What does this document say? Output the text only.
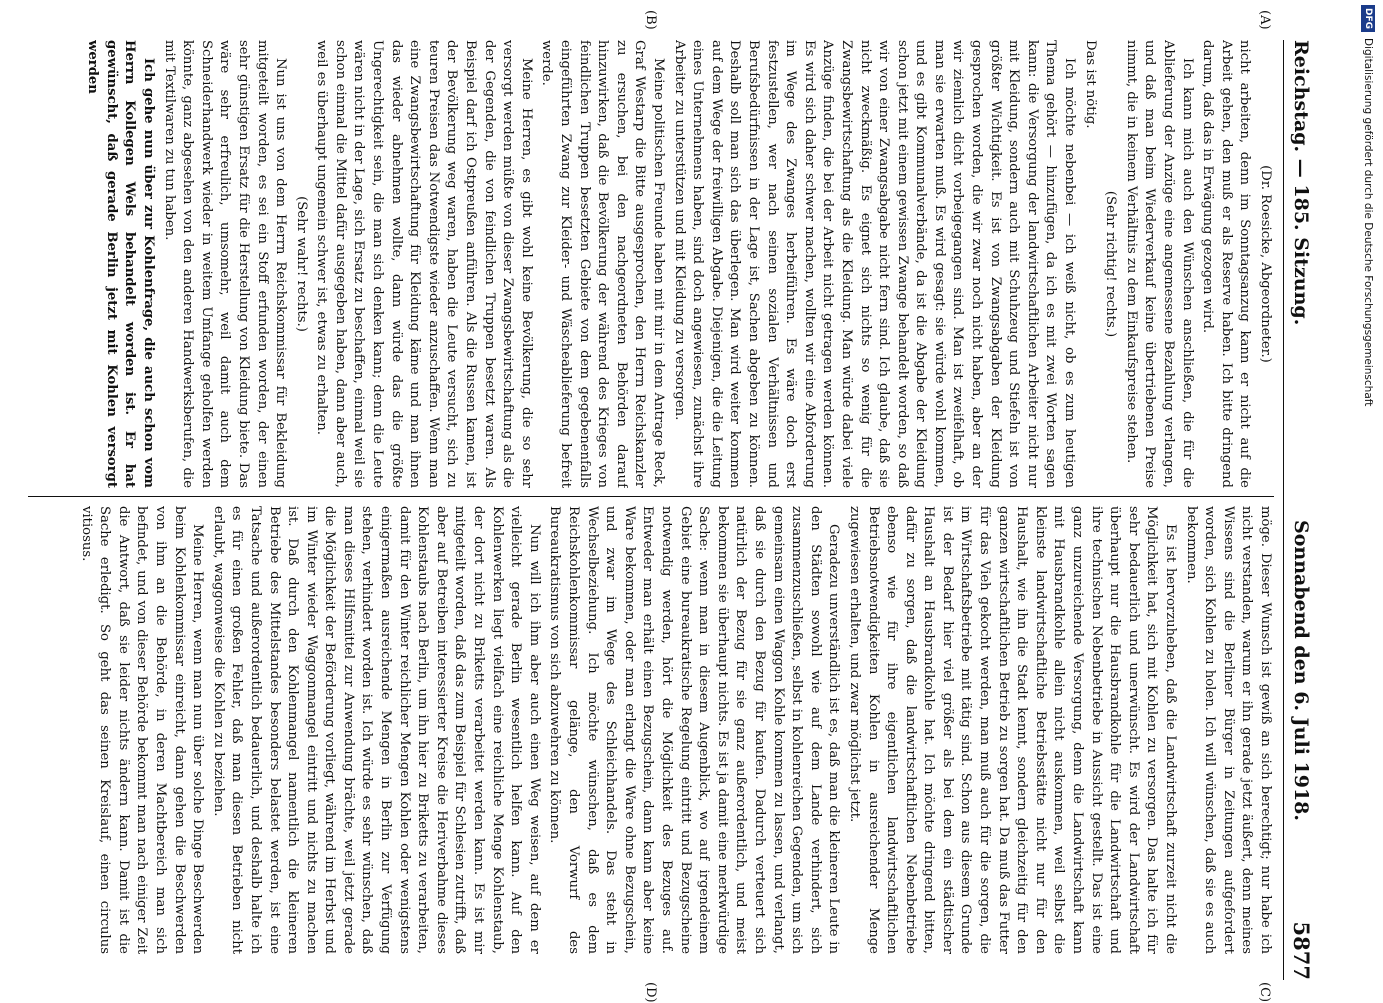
Reichstag. — 185. Sitzung.
Sonnabend den 6. Juli 1918.
5877
(A)
(B)
(C)
(D)

(Dr. Roesicke, Abgeordneter.)

nicht arbeiten, denn im Sonntagsanzug kann er nicht auf die Arbeit gehen, den muß er als Reserve haben. Ich bitte dringend darum, daß das in Erwägung gezogen wird.

Ich kann mich auch den Wünschen anschließen, die für die Ablieferung der Anzüge eine angemessene Bezahlung verlangen, und daß man beim Wiederverkauf keine übertriebenen Preise nimmt, die in keinem Verhältnis zu dem Einkaufspreise stehen.

(Sehr richtig! rechts.)

Das ist nötig.

Ich möchte nebenbei — ich weiß nicht, ob es zum heutigen Thema gehört — hinzufügen, da ich es mit zwei Worten sagen kann: die Versorgung der landwirtschaftlichen Arbeiter nicht nur mit Kleidung, sondern auch mit Schuhzeug und Stiefeln ist von größter Wichtigkeit. Es ist von Zwangsabgaben der Kleidung gesprochen worden, die wir zwar noch nicht haben, aber an der wir ziemlich dicht vorbeigegangen sind. Man ist zweifelhaft, ob man sie erwarten muß. Es wird gesagt: sie würde wohl kommen, und es gibt Kommunalverbände, da ist die Abgabe der Kleidung schon jetzt mit einem gewissen Zwange behandelt worden, so daß wir von einer Zwangsabgabe nicht fern sind. Ich glaube, daß sie nicht zweckmäßig. Es eignet sich nichts so wenig für die Zwangsbewirtschaftung als die Kleidung. Man würde dabei viele Anzüge finden, die bei der Arbeit nicht getragen werden können. Es wird sich daher schwer machen, wollten wir eine Abforderung im Wege des Zwanges herbeiführen. Es wäre doch erst festzustellen, wer nach seinen sozialen Verhältnissen und Berufsbedürfnissen in der Lage ist, Sachen abgeben zu können. Deshalb soll man sich das überlegen. Man wird weiter kommen auf dem Wege der freiwilligen Abgabe. Diejenigen, die die Leitung eines Unternehmens haben, sind doch angewiesen, zunächst ihre Arbeiter zu unterstützen und mit Kleidung zu versorgen.

Meine politischen Freunde haben mit mir in dem Antrage Reck, Graf Westarp die Bitte ausgesprochen, den Herrn Reichskanzler zu ersuchen, bei den nachgeordneten Behörden darauf hinzuwirken, daß die Bevölkerung der während des Krieges von feindlichen Truppen besetzten Gebiete von dem gegebenenfalls eingeführten Zwang zur Kleider- und Wäscheablieferung befreit werde.

Meine Herren, es gibt wohl keine Bevölkerung, die so sehr versorgt werden müßte von dieser Zwangsbewirtschaftung als die der Gegenden, die von feindlichen Truppen besetzt waren. Als Beispiel darf ich Ostpreußen anführen. Als die Russen kamen, ist der Bevölkerung weg waren, haben die Leute versucht, sich zu teuren Preisen das Notwendigste wieder anzuschaffen. Wenn man eine Zwangsbewirtschaftung für Kleidung käme und man ihnen das wieder abnehmen wollte, dann würde das die größte Ungerechtigkeit sein, die man sich denken kann; denn die Leute wären nicht in der Lage, sich Ersatz zu beschaffen, einmal weil sie schon einmal die Mittel dafür ausgegeben haben, dann aber auch, weil es überhaupt ungemein schwer ist, etwas zu erhalten.

(Sehr wahr! rechts.)

Nun ist uns von dem Herrn Reichskommissar für Bekleidung mitgeteilt worden, es sei ein Stoff erfunden worden, der einen sehr günstigen Ersatz für die Herstellung von Kleidung biete. Das wäre sehr erfreulich, umsomehr, weil damit auch dem Schneiderhandwerk wieder in weitem Umfange geholfen werden könnte, ganz abgesehen von den anderen Handwerksberufen, die mit Textilwaren zu tun haben.

Ich gehe nun über zur Kohlenfrage, die auch schon vom Herrn Kollegen Wels behandelt worden ist. Er hat gewünscht, daß gerade Berlin jetzt mit Kohlen versorgt werden

möge. Dieser Wunsch ist gewiß an sich berechtigt; nur habe ich nicht verstanden, warum er ihn gerade jetzt äußert, denn meines Wissens sind die Berliner Bürger in Zeitungen aufgefordert worden, sich Kohlen zu holen. Ich will wünschen, daß sie es auch bekommen.

Es ist hervorzuheben, daß die Landwirtschaft zurzeit nicht die Möglichkeit hat, sich mit Kohlen zu versorgen. Das halte ich für sehr bedauerlich und unerwünscht. Es wird der Landwirtschaft überhaupt nur die Hausbrandkohle für die Landwirtschaft und ihre technischen Nebenbetriebe in Aussicht gestellt. Das ist eine ganz unzureichende Versorgung, denn die Landwirtschaft kann mit Hausbrandkohle allein nicht auskommen, weil selbst die kleinste landwirtschaftliche Betriebsstätte nicht nur für den Haushalt, wie ihn die Stadt kennt, sondern gleichzeitig für den ganzen wirtschaftlichen Betrieb zu sorgen hat. Da muß das Futter für das Vieh gekocht werden, man muß auch für die sorgen, die im Wirtschaftsbetriebe mit tätig sind. Schon aus diesem Grunde ist der Bedarf hier viel größer als bei dem ein städtischer Haushalt an Hausbrandkohle hat. Ich möchte dringend bitten, dafür zu sorgen, daß die landwirtschaftlichen Nebenbetriebe ebenso wie für ihre eigentlichen landwirtschaftlichen Betriebsnotwendigkeiten Kohlen in ausreichender Menge zugewiesen erhalten, und zwar möglichst jetzt.

Geradezu unverständlich ist es, daß man die kleineren Leute in den Städten sowohl wie auf dem Lande verhindert, sich zusammenzuschließen, selbst in kohlenreichen Gegenden, um sich gemeinsam einen Waggon Kohle kommen zu lassen, und verlangt, daß sie durch den Bezug für kaufen. Dadurch verteuert sich natürlich der Bezug für sie ganz außerordentlich, und meist bekommen sie überhaupt nichts. Es ist ja damit eine merkwürdige Sache: wenn man in diesem Augenblick, wo auf irgendeinem Gebiet eine bureaukratische Regelung eintritt und Bezugscheine notwendig werden, hört die Möglichkeit des Bezuges auf. Entweder man erhält einen Bezugschein, dann kann aber keine Ware bekommen, oder man erlangt die Ware ohne Bezugschein, und zwar im Wege des Schleichhandels. Das steht in Wechselbeziehung. Ich möchte wünschen, daß es dem Reichskohlenkommissar gelänge, den Vorwurf des Bureaukratismus von sich abzuwehren zu können.

Nun will ich ihm aber auch einen Weg weisen, auf dem er vielleicht gerade Berlin wesentlich helfen kann. Auf den Kohlenwerken liegt vielfach eine reichliche Menge Kohlenstaub, der dort nicht zu Briketts verarbeitet werden kann. Es ist mir mitgeteilt worden, daß das zum Beispiel für Schlesien zutrifft, daß aber auf Betreiben interessierter Kreise die Heriverbahme dieses Kohlenstaubs nach Berlin, um ihn hier zu Briketts zu verarbeiten, damit für den Winter reichlicher Mengen Kohlen oder wenigstens einigermaßen ausreichende Mengen in Berlin zur Verfügung stehen, verhindert worden ist. Ich würde es sehr wünschen, daß man dieses Hilfsmittel zur Anwendung brächte, weil jetzt gerade die Möglichkeit der Beförderung vorliegt, während im Herbst und im Winter wieder Waggonmangel eintritt und nichts zu machen ist. Daß durch den Kohlenmangel namentlich die kleineren Betriebe des Mittelstandes besonders belastet werden, ist eine Tatsache und außerordentlich bedauerlich, und deshalb halte ich es für einen großen Fehler, daß man diesen Betrieben nicht erlaubt, waggonweise die Kohlen zu beziehen.

Meine Herren, wenn man nun über solche Dinge Beschwerden beim Kohlenkommissar einreicht, dann gehen die Beschwerden von ihm an die Behörde, in deren Machtbereich man sich befindet, und von dieser Behörde bekommt man nach einiger Zeit die Antwort, daß sie leider nichts ändern kann. Damit ist die Sache erledigt. So geht das seinen Kreislauf, einen circulus vitiosus.

DFGDigitalisierung gefördert durch die Deutsche Forschungsgemeinschaft
